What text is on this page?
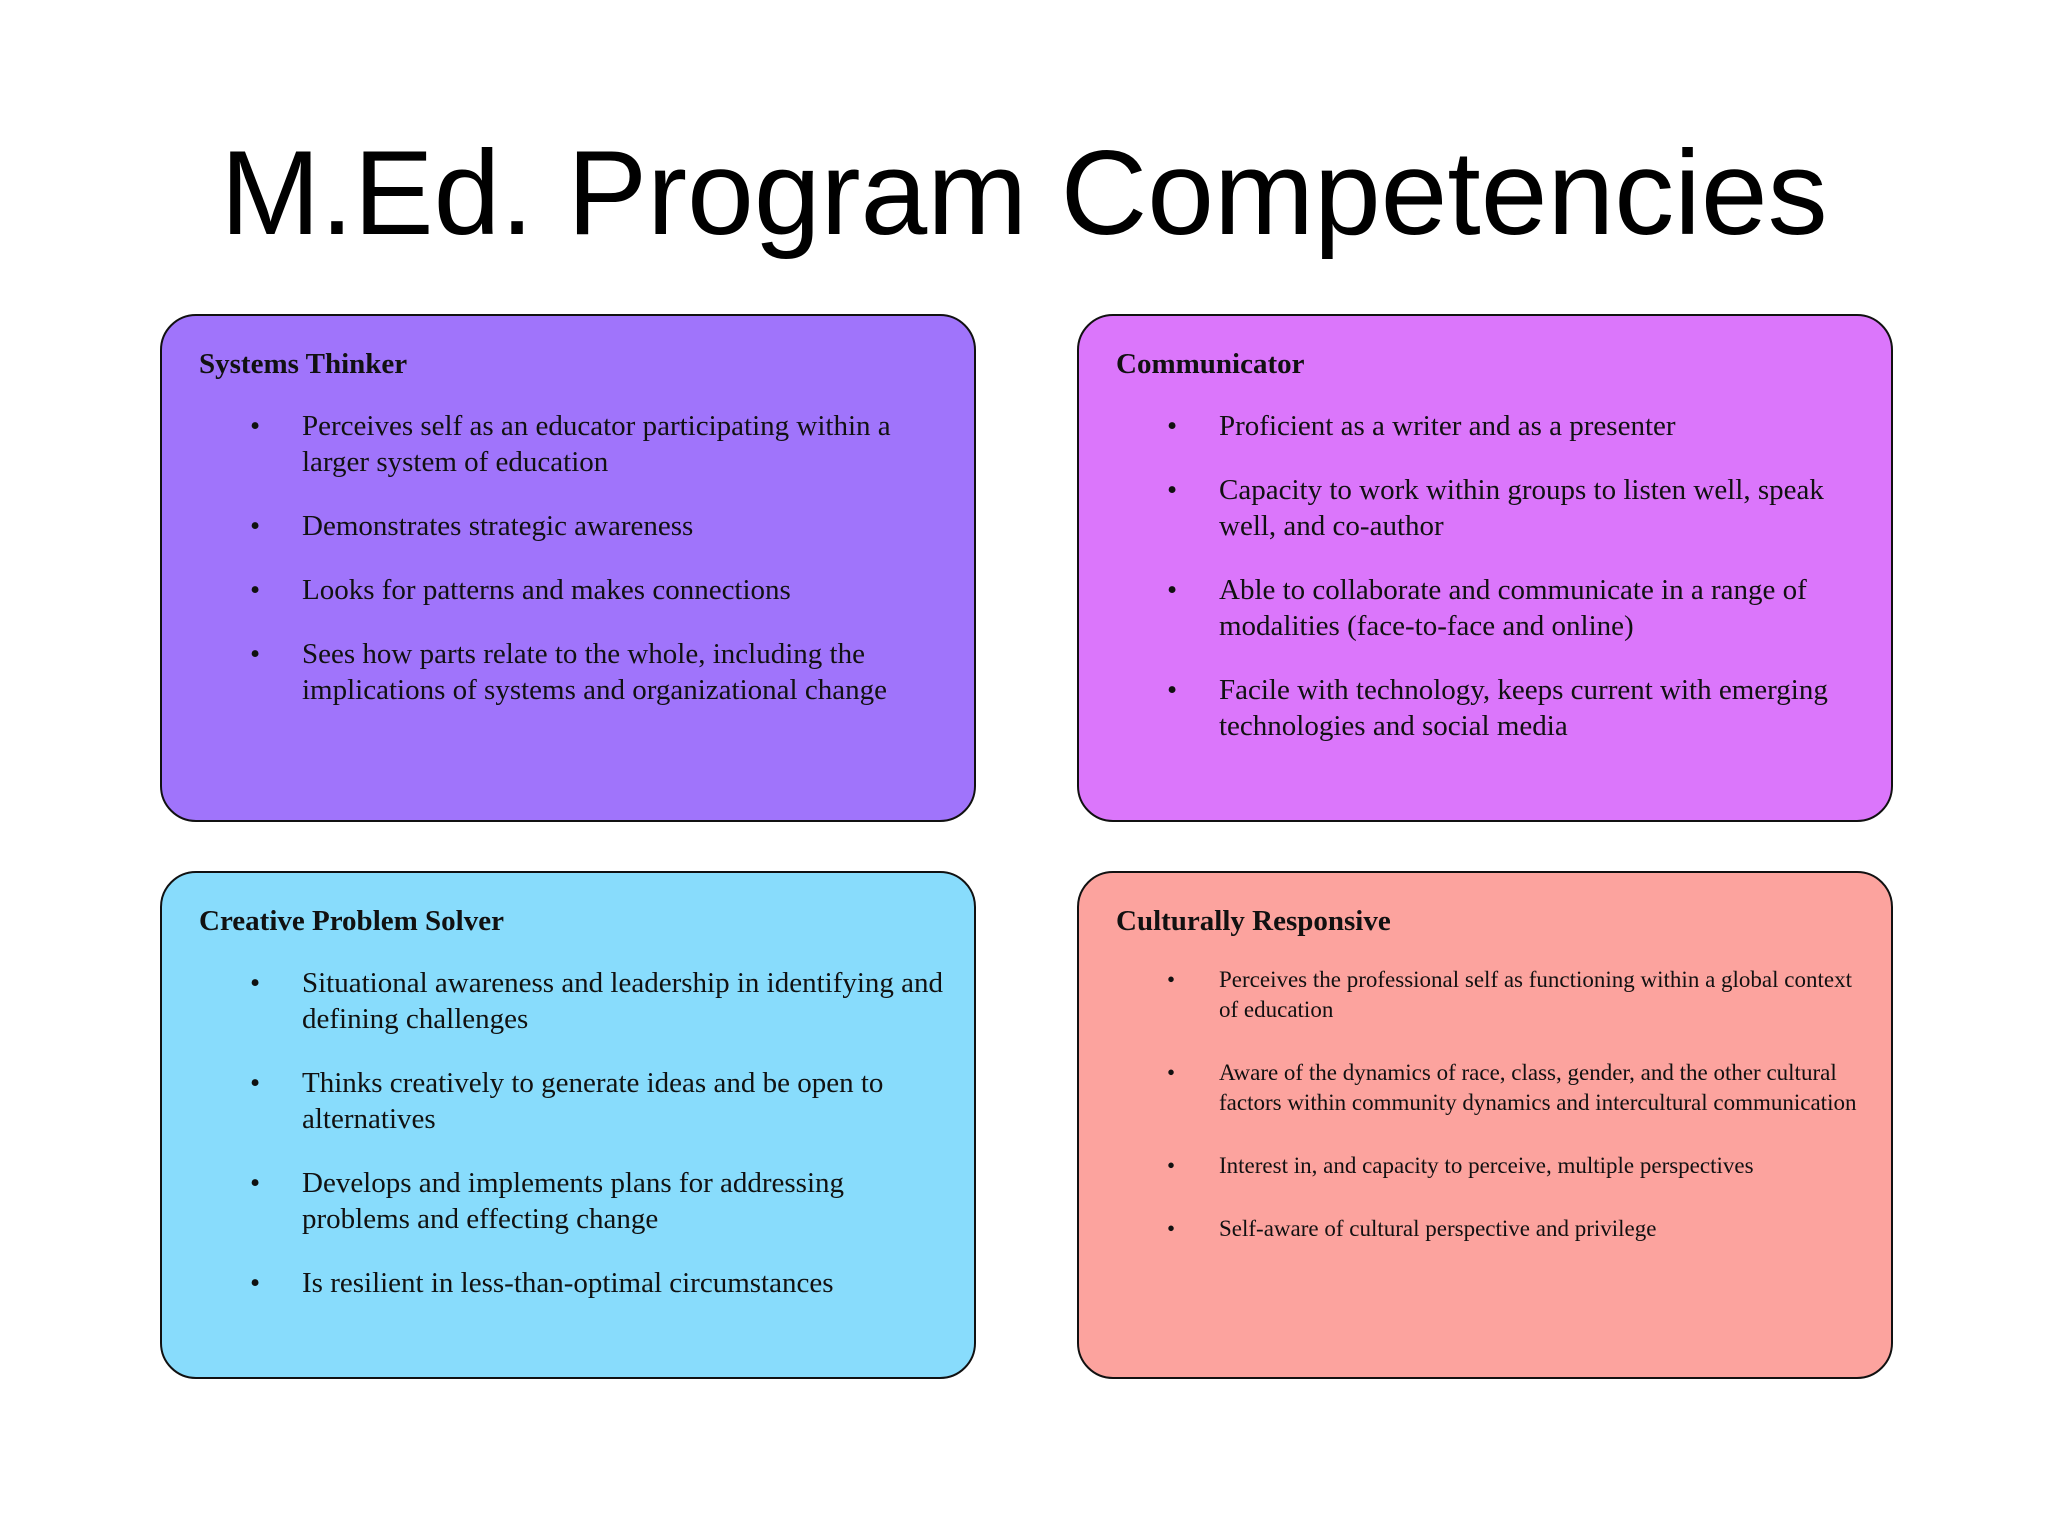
M.Ed. Program Competencies
Systems Thinker
• Perceives self as an educator participating within a larger system of education
• Demonstrates strategic awareness
• Looks for patterns and makes connections
• Sees how parts relate to the whole, including the implications of systems and organizational change
Communicator
• Proficient as a writer and as a presenter
• Capacity to work within groups to listen well, speak well, and co-author
• Able to collaborate and communicate in a range of modalities (face-to-face and online)
• Facile with technology, keeps current with emerging technologies and social media
Creative Problem Solver
• Situational awareness and leadership in identifying and defining challenges
• Thinks creatively to generate ideas and be open to alternatives
• Develops and implements plans for addressing problems and effecting change
• Is resilient in less-than-optimal circumstances
Culturally Responsive
• Perceives the professional self as functioning within a global context of education
• Aware of the dynamics of race, class, gender, and the other cultural factors within community dynamics and intercultural communication
• Interest in, and capacity to perceive, multiple perspectives
• Self-aware of cultural perspective and privilege
